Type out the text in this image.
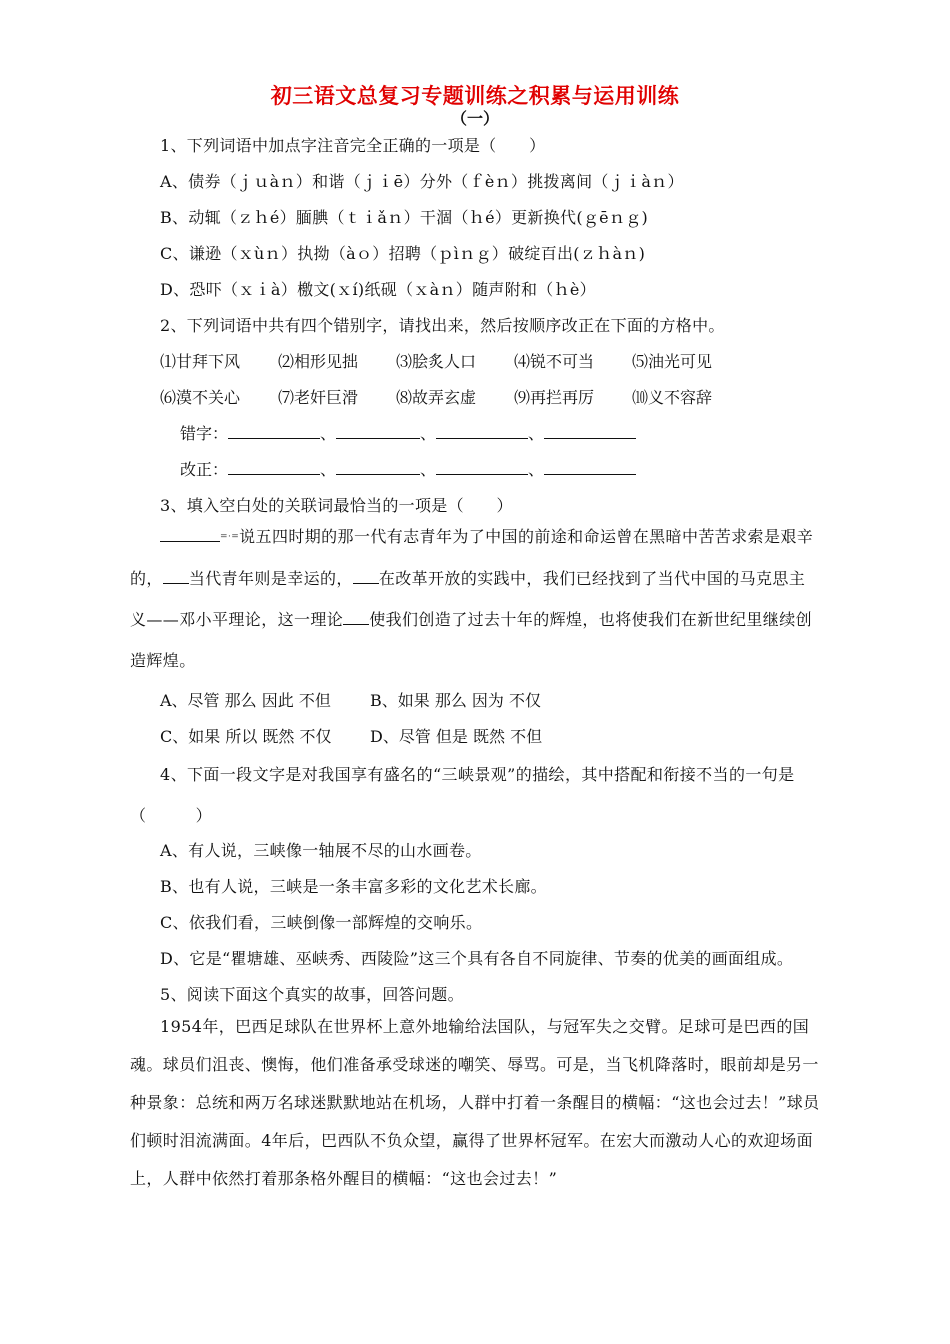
初三语文总复习专题训练之积累与运用训练
（一）
1、下列词语中加点字注音完全正确的一项是（　　）
A、债券（ｊｕàｎ）和谐（ｊｉē）分外（ｆèｎ）挑拨离间（ｊｉàｎ）
B、动辄（ｚｈé）腼腆（ｔｉǎｎ）干涸（ｈé）更新换代(ｇēｎｇ)
C、谦逊（ｘùｎ）执拗（àｏ）招聘（ｐìｎｇ）破绽百出(ｚｈàｎ)
D、恐吓（ｘｉà）檄文(ｘí)纸砚（ｘàｎ）随声附和（ｈè）
2、下列词语中共有四个错别字，请找出来，然后按顺序改正在下面的方格中。
⑴甘拜下风 ⑵相形见拙 ⑶脍炙人口 ⑷锐不可当 ⑸油光可见
⑹漠不关心 ⑺老奸巨滑 ⑻故弄玄虚 ⑼再拦再厉 ⑽义不容辞
错字：	、	、	、
改正：	、	、	、
3、填入空白处的关联词最恰当的一项是（　　）
=·=说五四时期的那一代有志青年为了中国的前途和命运曾在黑暗中苦苦求索是艰辛的， 当代青年则是幸运的， 在改革开放的实践中，我们已经找到了当代中国的马克思主义——邓小平理论，这一理论 使我们创造了过去十年的辉煌，也将使我们在新世纪里继续创造辉煌。
A、尽管 那么 因此 不但 B、如果 那么 因为 不仅
C、如果 所以 既然 不仅 D、尽管 但是 既然 不但
4、下面一段文字是对我国享有盛名的“三峡景观”的描绘，其中搭配和衔接不当的一句是（　　　）
A、有人说，三峡像一轴展不尽的山水画卷。
B、也有人说，三峡是一条丰富多彩的文化艺术长廊。
C、依我们看，三峡倒像一部辉煌的交响乐。
D、它是“瞿塘雄、巫峡秀、西陵险”这三个具有各自不同旋律、节奏的优美的画面组成。
5、阅读下面这个真实的故事，回答问题。
1954年，巴西足球队在世界杯上意外地输给法国队，与冠军失之交臂。足球可是巴西的国魂。球员们沮丧、懊悔，他们准备承受球迷的嘲笑、辱骂。可是，当飞机降落时，眼前却是另一种景象：总统和两万名球迷默默地站在机场，人群中打着一条醒目的横幅：“这也会过去！”球员们顿时泪流满面。4年后，巴西队不负众望，赢得了世界杯冠军。在宏大而激动人心的欢迎场面上，人群中依然打着那条格外醒目的横幅：“这也会过去！”
